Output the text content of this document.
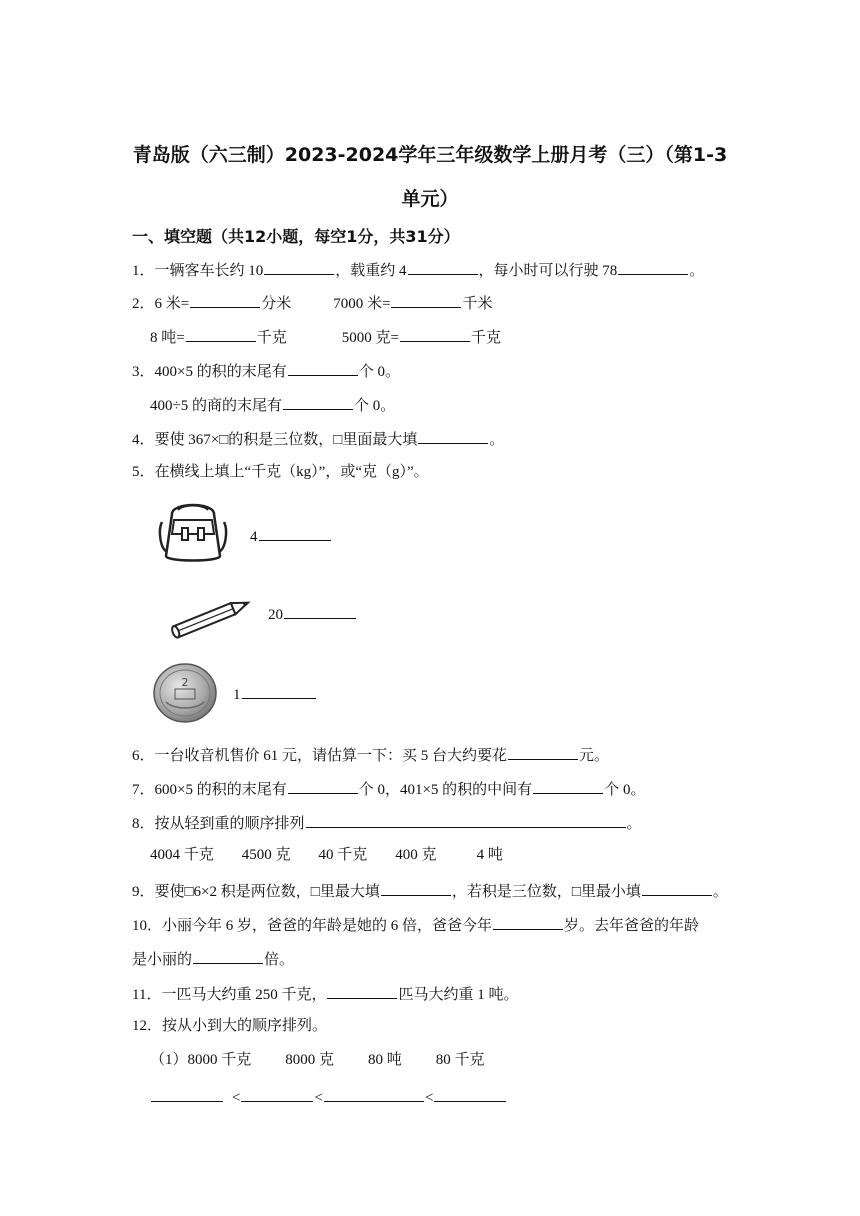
青岛版（六三制）2023-2024学年三年级数学上册月考（三）（第1-3
单元）
一、填空题（共12小题，每空1分，共31分）
1．一辆客车长约 10	，载重约 4	，每小时可以行驶 78	。
2．6 米=	分米	7000 米=	千米
8 吨=	千克	5000 克=	千克
3．400×5 的积的末尾有	个 0。
400÷5 的商的末尾有	个 0。
4．要使 367×□的积是三位数，□里面最大填	。
5．在横线上填上“千克（kg）”，或“克（g）”。
4
20
2
1
6．一台收音机售价 61 元，请估算一下：买 5 台大约要花	元。
7．600×5 的积的末尾有	个 0，401×5 的积的中间有	个 0。
8．按从轻到重的顺序排列	。
4004 千克 4500 克 40 千克 400 克	4 吨
9．要使□6×2 积是两位数，□里最大填	，若积是三位数，□里最小填	。
10．小丽今年 6 岁，爸爸的年龄是她的 6 倍，爸爸今年	岁。去年爸爸的年龄
是小丽的	倍。
11．一匹马大约重 250 千克，	匹马大约重 1 吨。
12．按从小到大的顺序排列。
（1）8000 千克 8000 克 80 吨 80 千克
<	<	<
